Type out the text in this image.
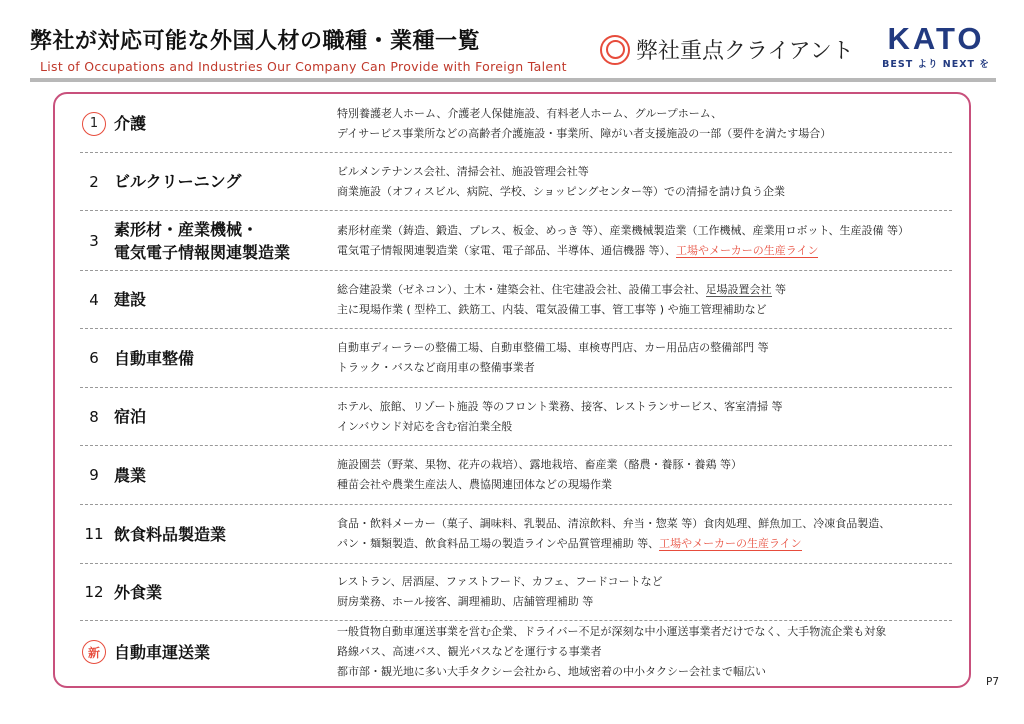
弊社が対応可能な外国人材の職種・業種一覧
List of Occupations and Industries Our Company Can Provide with Foreign Talent
弊社重点クライアント	KATO
BEST より NEXT を
1 介護
特別養護老人ホーム、介護老人保健施設、有料老人ホーム、グループホーム、
デイサービス事業所などの高齢者介護施設・事業所、障がい者支援施設の一部（要件を満たす場合）
2 ビルクリーニング
ビルメンテナンス会社、清掃会社、施設管理会社等
商業施設（オフィスビル、病院、学校、ショッピングセンター等）での清掃を請け負う企業
3
素形材・産業機械・
電気電子情報関連製造業
素形材産業（鋳造、鍛造、プレス、板金、めっき 等）、産業機械製造業（工作機械、産業用ロボット、生産設備 等）
電気電子情報関連製造業（家電、電子部品、半導体、通信機器 等）、工場やメーカーの生産ライン
4 建設
総合建設業（ゼネコン）、土木・建築会社、住宅建設会社、設備工事会社、足場設置会社 等
主に現場作業 ( 型枠工、鉄筋工、内装、電気設備工事、管工事等 ) や施工管理補助など
6 自動車整備
自動車ディーラーの整備工場、自動車整備工場、車検専門店、カー用品店の整備部門 等
トラック・バスなど商用車の整備事業者
8 宿泊
ホテル、旅館、リゾート施設 等のフロント業務、接客、レストランサービス、客室清掃 等
インバウンド対応を含む宿泊業全般
9 農業
施設園芸（野菜、果物、花卉の栽培）、露地栽培、畜産業（酪農・養豚・養鶏 等）
種苗会社や農業生産法人、農協関連団体などの現場作業
11 飲食料品製造業
食品・飲料メーカー（菓子、調味料、乳製品、清涼飲料、弁当・惣菜 等）食肉処理、鮮魚加工、冷凍食品製造、
パン・麺類製造、飲食料品工場の製造ラインや品質管理補助 等、工場やメーカーの生産ライン
12 外食業
レストラン、居酒屋、ファストフード、カフェ、フードコートなど
厨房業務、ホール接客、調理補助、店舗管理補助 等
新 自動車運送業
一般貨物自動車運送事業を営む企業、ドライバー不足が深刻な中小運送事業者だけでなく、大手物流企業も対象
路線バス、高速バス、観光バスなどを運行する事業者
都市部・観光地に多い大手タクシー会社から、地域密着の中小タクシー会社まで幅広い
P7
